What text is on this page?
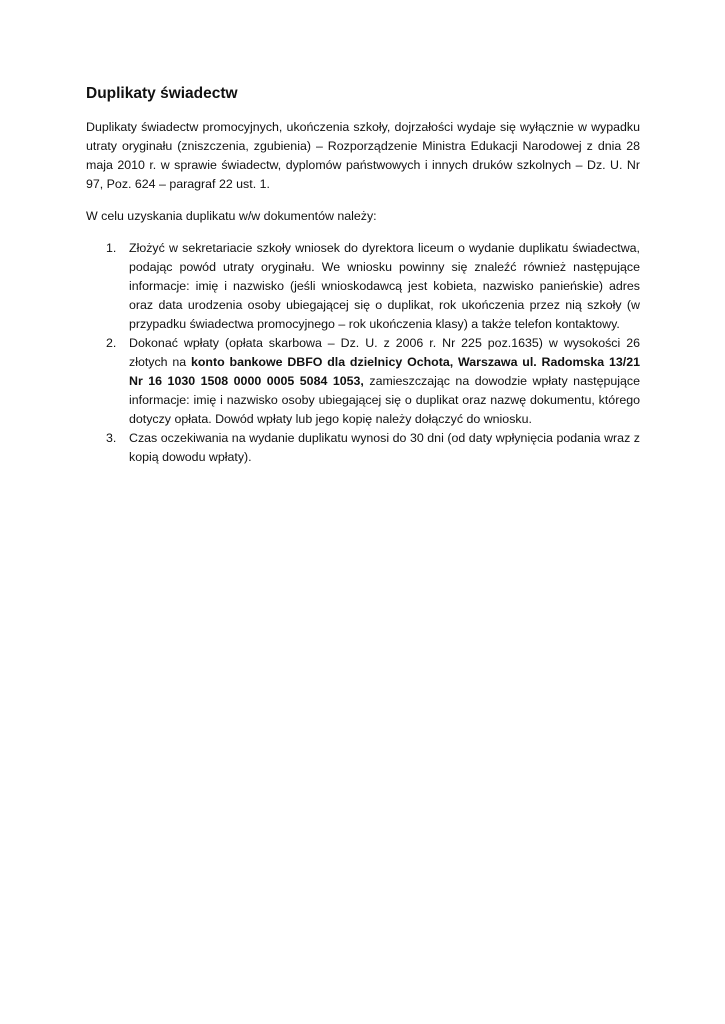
Duplikaty świadectw
Duplikaty świadectw promocyjnych, ukończenia szkoły, dojrzałości wydaje się wyłącznie w wypadku utraty oryginału (zniszczenia, zgubienia) – Rozporządzenie Ministra Edukacji Narodowej z dnia 28 maja 2010 r. w sprawie świadectw, dyplomów państwowych i innych druków szkolnych – Dz. U. Nr 97, Poz. 624 – paragraf 22 ust. 1.
W celu uzyskania duplikatu w/w dokumentów należy:
1. Złożyć w sekretariacie szkoły wniosek do dyrektora liceum o wydanie duplikatu świadectwa, podając powód utraty oryginału. We wniosku powinny się znaleźć również następujące informacje: imię i nazwisko (jeśli wnioskodawcą jest kobieta, nazwisko panieńskie) adres oraz data urodzenia osoby ubiegającej się o duplikat, rok ukończenia przez nią szkoły (w przypadku świadectwa promocyjnego – rok ukończenia klasy) a także telefon kontaktowy.
2. Dokonać wpłaty (opłata skarbowa – Dz. U. z 2006 r. Nr 225 poz.1635) w wysokości 26 złotych na konto bankowe DBFO dla dzielnicy Ochota, Warszawa ul. Radomska 13/21 Nr 16 1030 1508 0000 0005 5084 1053, zamieszczając na dowodzie wpłaty następujące informacje: imię i nazwisko osoby ubiegającej się o duplikat oraz nazwę dokumentu, którego dotyczy opłata. Dowód wpłaty lub jego kopię należy dołączyć do wniosku.
3. Czas oczekiwania na wydanie duplikatu wynosi do 30 dni (od daty wpłynięcia podania wraz z kopią dowodu wpłaty).
